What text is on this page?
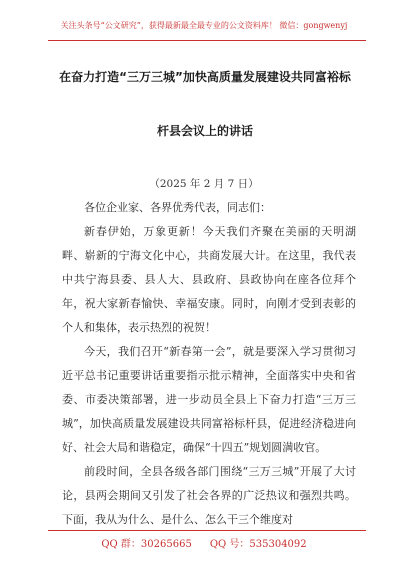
关注头条号“公文研究”，获得最新最全最专业的公文资料库！ 微信：gongwenyj
在奋力打造“三万三城”加快高质量发展建设共同富裕标
杆县会议上的讲话
（2025 年 2 月 7 日）

各位企业家、各界优秀代表，同志们：

新春伊始，万象更新！今天我们齐聚在美丽的天明湖畔、崭新的宁海文化中心，共商发展大计。在这里，我代表中共宁海县委、县人大、县政府、县政协向在座各位拜个年，祝大家新春愉快、幸福安康。同时，向刚才受到表彰的个人和集体，表示热烈的祝贺！

今天，我们召开“新春第一会”，就是要深入学习贯彻习近平总书记重要讲话重要指示批示精神，全面落实中央和省委、市委决策部署，进一步动员全县上下奋力打造“三万三城”，加快高质量发展建设共同富裕标杆县，促进经济稳进向好、社会大局和谐稳定，确保“十四五”规划圆满收官。

前段时间，全县各级各部门围绕“三万三城”开展了大讨论，县两会期间又引发了社会各界的广泛热议和强烈共鸣。下面，我从为什么、是什么、怎么干三个维度对

QQ 群：30265665 QQ 号：535304092
